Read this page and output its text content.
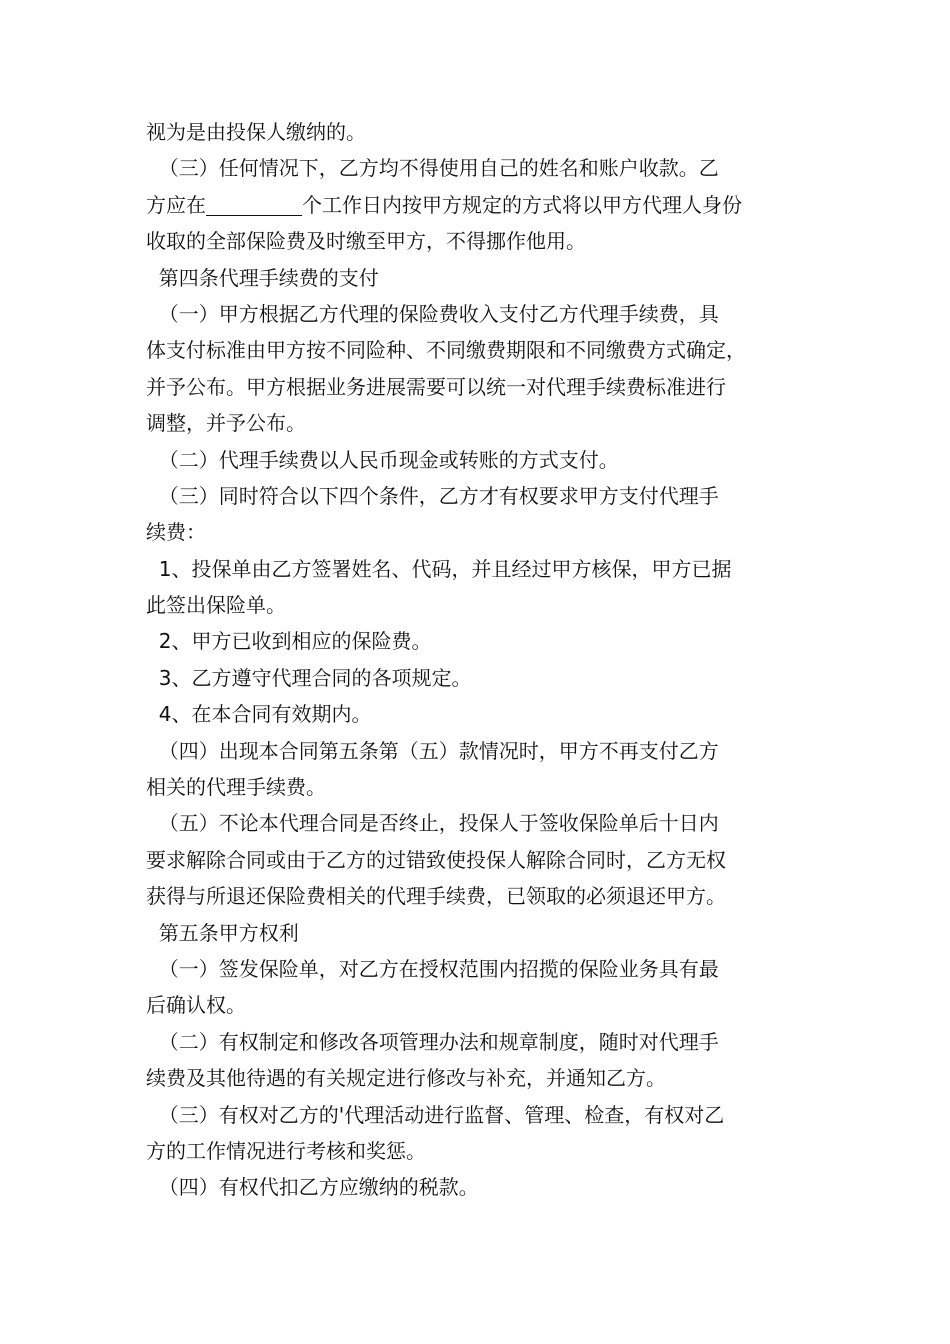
视为是由投保人缴纳的。
（三）任何情况下，乙方均不得使用自己的姓名和账户收款。乙
方应在	个工作日内按甲方规定的方式将以甲方代理人身份
收取的全部保险费及时缴至甲方，不得挪作他用。
第四条代理手续费的支付
（一）甲方根据乙方代理的保险费收入支付乙方代理手续费，具
体支付标准由甲方按不同险种、不同缴费期限和不同缴费方式确定，
并予公布。甲方根据业务进展需要可以统一对代理手续费标准进行
调整，并予公布。
（二）代理手续费以人民币现金或转账的方式支付。
（三）同时符合以下四个条件，乙方才有权要求甲方支付代理手
续费：
1、投保单由乙方签署姓名、代码，并且经过甲方核保，甲方已据
此签出保险单。
2、甲方已收到相应的保险费。
3、乙方遵守代理合同的各项规定。
4、在本合同有效期内。
（四）出现本合同第五条第（五）款情况时，甲方不再支付乙方
相关的代理手续费。
（五）不论本代理合同是否终止，投保人于签收保险单后十日内
要求解除合同或由于乙方的过错致使投保人解除合同时，乙方无权
获得与所退还保险费相关的代理手续费，已领取的必须退还甲方。
第五条甲方权利
（一）签发保险单，对乙方在授权范围内招揽的保险业务具有最
后确认权。
（二）有权制定和修改各项管理办法和规章制度，随时对代理手
续费及其他待遇的有关规定进行修改与补充，并通知乙方。
（三）有权对乙方的'代理活动进行监督、管理、检查，有权对乙
方的工作情况进行考核和奖惩。
（四）有权代扣乙方应缴纳的税款。
